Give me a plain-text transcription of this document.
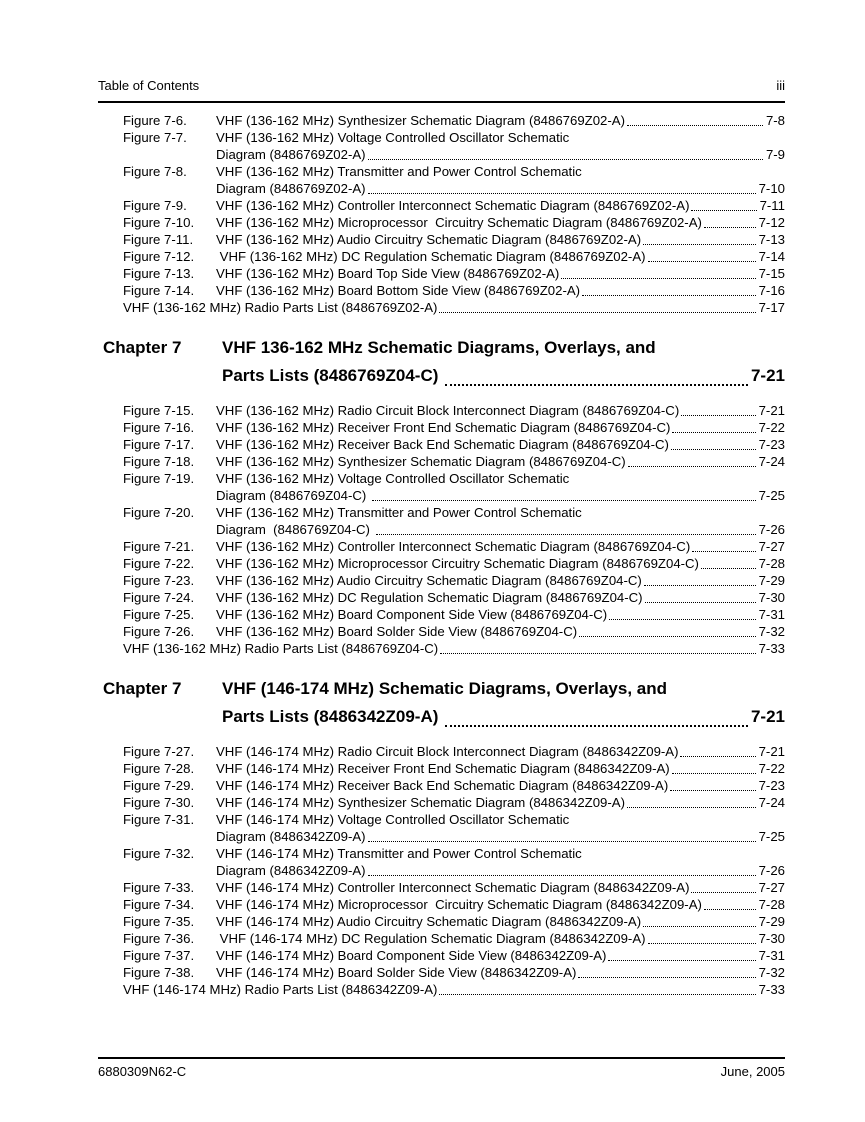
Table of Contents	iii
Figure 7-6.	VHF (136-162 MHz) Synthesizer Schematic Diagram (8486769Z02-A)	7-8
Figure 7-7.	VHF (136-162 MHz) Voltage Controlled Oscillator Schematic
Diagram (8486769Z02-A)	7-9
Figure 7-8.	VHF (136-162 MHz) Transmitter and Power Control Schematic
Diagram (8486769Z02-A)	7-10
Figure 7-9.	VHF (136-162 MHz) Controller Interconnect Schematic Diagram (8486769Z02-A)	7-11
Figure 7-10.	VHF (136-162 MHz) Microprocessor  Circuitry Schematic Diagram (8486769Z02-A)	7-12
Figure 7-11.	VHF (136-162 MHz) Audio Circuitry Schematic Diagram (8486769Z02-A)	7-13
Figure 7-12.	VHF (136-162 MHz) DC Regulation Schematic Diagram (8486769Z02-A)	7-14
Figure 7-13.	VHF (136-162 MHz) Board Top Side View (8486769Z02-A)	7-15
Figure 7-14.	VHF (136-162 MHz) Board Bottom Side View (8486769Z02-A)	7-16
VHF (136-162 MHz) Radio Parts List (8486769Z02-A)	7-17
Chapter 7	VHF 136-162 MHz Schematic Diagrams, Overlays, and
Parts Lists (8486769Z04-C)	7-21
Figure 7-15.	VHF (136-162 MHz) Radio Circuit Block Interconnect Diagram (8486769Z04-C)	7-21
Figure 7-16.	VHF (136-162 MHz) Receiver Front End Schematic Diagram (8486769Z04-C)	7-22
Figure 7-17.	VHF (136-162 MHz) Receiver Back End Schematic Diagram (8486769Z04-C)	7-23
Figure 7-18.	VHF (136-162 MHz) Synthesizer Schematic Diagram (8486769Z04-C)	7-24
Figure 7-19.	VHF (136-162 MHz) Voltage Controlled Oscillator Schematic
Diagram (8486769Z04-C)	7-25
Figure 7-20.	VHF (136-162 MHz) Transmitter and Power Control Schematic
Diagram  (8486769Z04-C)	7-26
Figure 7-21.	VHF (136-162 MHz) Controller Interconnect Schematic Diagram (8486769Z04-C)	7-27
Figure 7-22.	VHF (136-162 MHz) Microprocessor Circuitry Schematic Diagram (8486769Z04-C)	7-28
Figure 7-23.	VHF (136-162 MHz) Audio Circuitry Schematic Diagram (8486769Z04-C)	7-29
Figure 7-24.	VHF (136-162 MHz) DC Regulation Schematic Diagram (8486769Z04-C)	7-30
Figure 7-25.	VHF (136-162 MHz) Board Component Side View (8486769Z04-C)	7-31
Figure 7-26.	VHF (136-162 MHz) Board Solder Side View (8486769Z04-C)	7-32
VHF (136-162 MHz) Radio Parts List (8486769Z04-C)	7-33
Chapter 7	VHF (146-174 MHz) Schematic Diagrams, Overlays, and
Parts Lists (8486342Z09-A)	7-21
Figure 7-27.	VHF (146-174 MHz) Radio Circuit Block Interconnect Diagram (8486342Z09-A)	7-21
Figure 7-28.	VHF (146-174 MHz) Receiver Front End Schematic Diagram (8486342Z09-A)	7-22
Figure 7-29.	VHF (146-174 MHz) Receiver Back End Schematic Diagram (8486342Z09-A)	7-23
Figure 7-30.	VHF (146-174 MHz) Synthesizer Schematic Diagram (8486342Z09-A)	7-24
Figure 7-31.	VHF (146-174 MHz) Voltage Controlled Oscillator Schematic
Diagram (8486342Z09-A)	7-25
Figure 7-32.	VHF (146-174 MHz) Transmitter and Power Control Schematic
Diagram (8486342Z09-A)	7-26
Figure 7-33.	VHF (146-174 MHz) Controller Interconnect Schematic Diagram (8486342Z09-A)	7-27
Figure 7-34.	VHF (146-174 MHz) Microprocessor  Circuitry Schematic Diagram (8486342Z09-A)	7-28
Figure 7-35.	VHF (146-174 MHz) Audio Circuitry Schematic Diagram (8486342Z09-A)	7-29
Figure 7-36.	VHF (146-174 MHz) DC Regulation Schematic Diagram (8486342Z09-A)	7-30
Figure 7-37.	VHF (146-174 MHz) Board Component Side View (8486342Z09-A)	7-31
Figure 7-38.	VHF (146-174 MHz) Board Solder Side View (8486342Z09-A)	7-32
VHF (146-174 MHz) Radio Parts List (8486342Z09-A)	7-33
6880309N62-C	June, 2005
